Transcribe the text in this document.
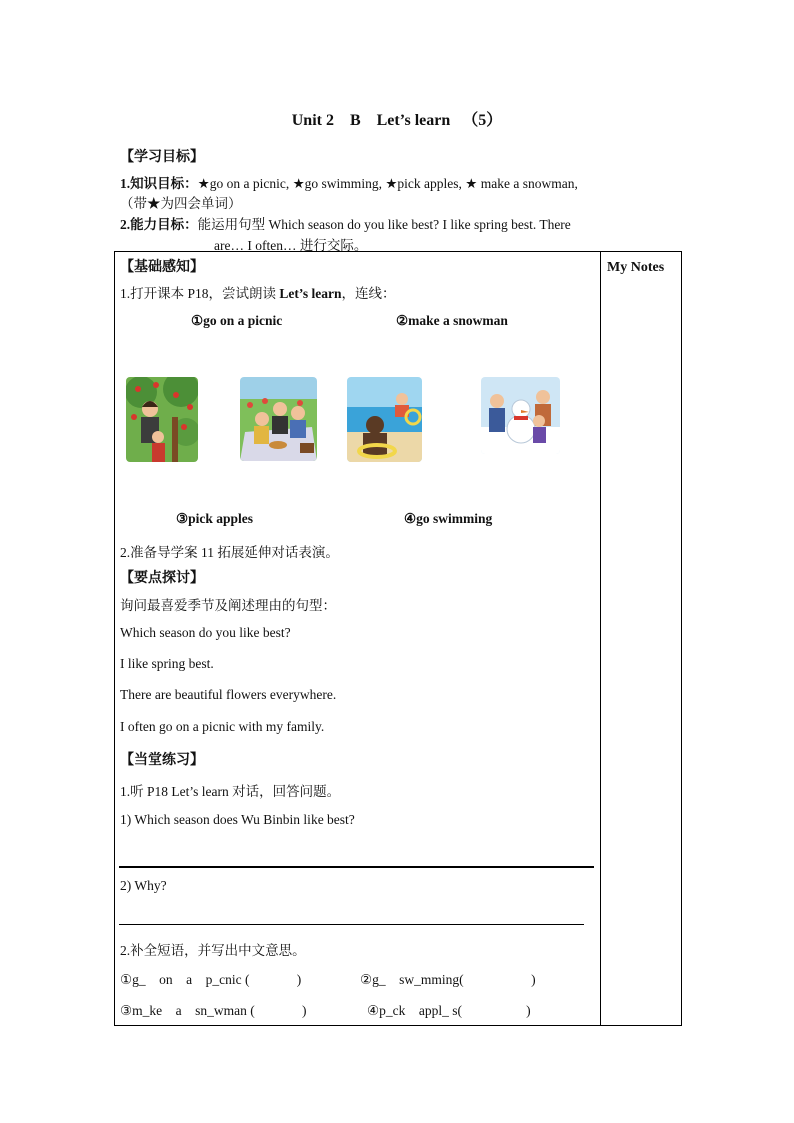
Unit 2    B    Let’s learn   （5）
【学习目标】
1.知识目标：★go on a picnic, ★go swimming, ★pick apples, ★ make a snowman,
（带★为四会单词）
2.能力目标：能运用句型 Which season do you like best? I like spring best. There
are… I often… 进行交际。
My Notes
【基础感知】
1.打开课本 P18，尝试朗读 Let’s learn，连线：
①go on a picnic	②make a snowman
③pick apples	④go swimming
2.准备导学案 11 拓展延伸对话表演。
【要点探讨】
询问最喜爱季节及阐述理由的句型：
Which season do you like best?
I like spring best.
There are beautiful flowers everywhere.
I often go on a picnic with my family.
【当堂练习】
1.听 P18 Let’s learn 对话，回答问题。
1) Which season does Wu Binbin like best?
2) Why?
2.补全短语，并写出中文意思。
①g_    on    a    p_cnic (              )	②g_    sw_mming(                    )
③m_ke    a    sn_wman (              )	④p_ck    appl_ s(                   )
